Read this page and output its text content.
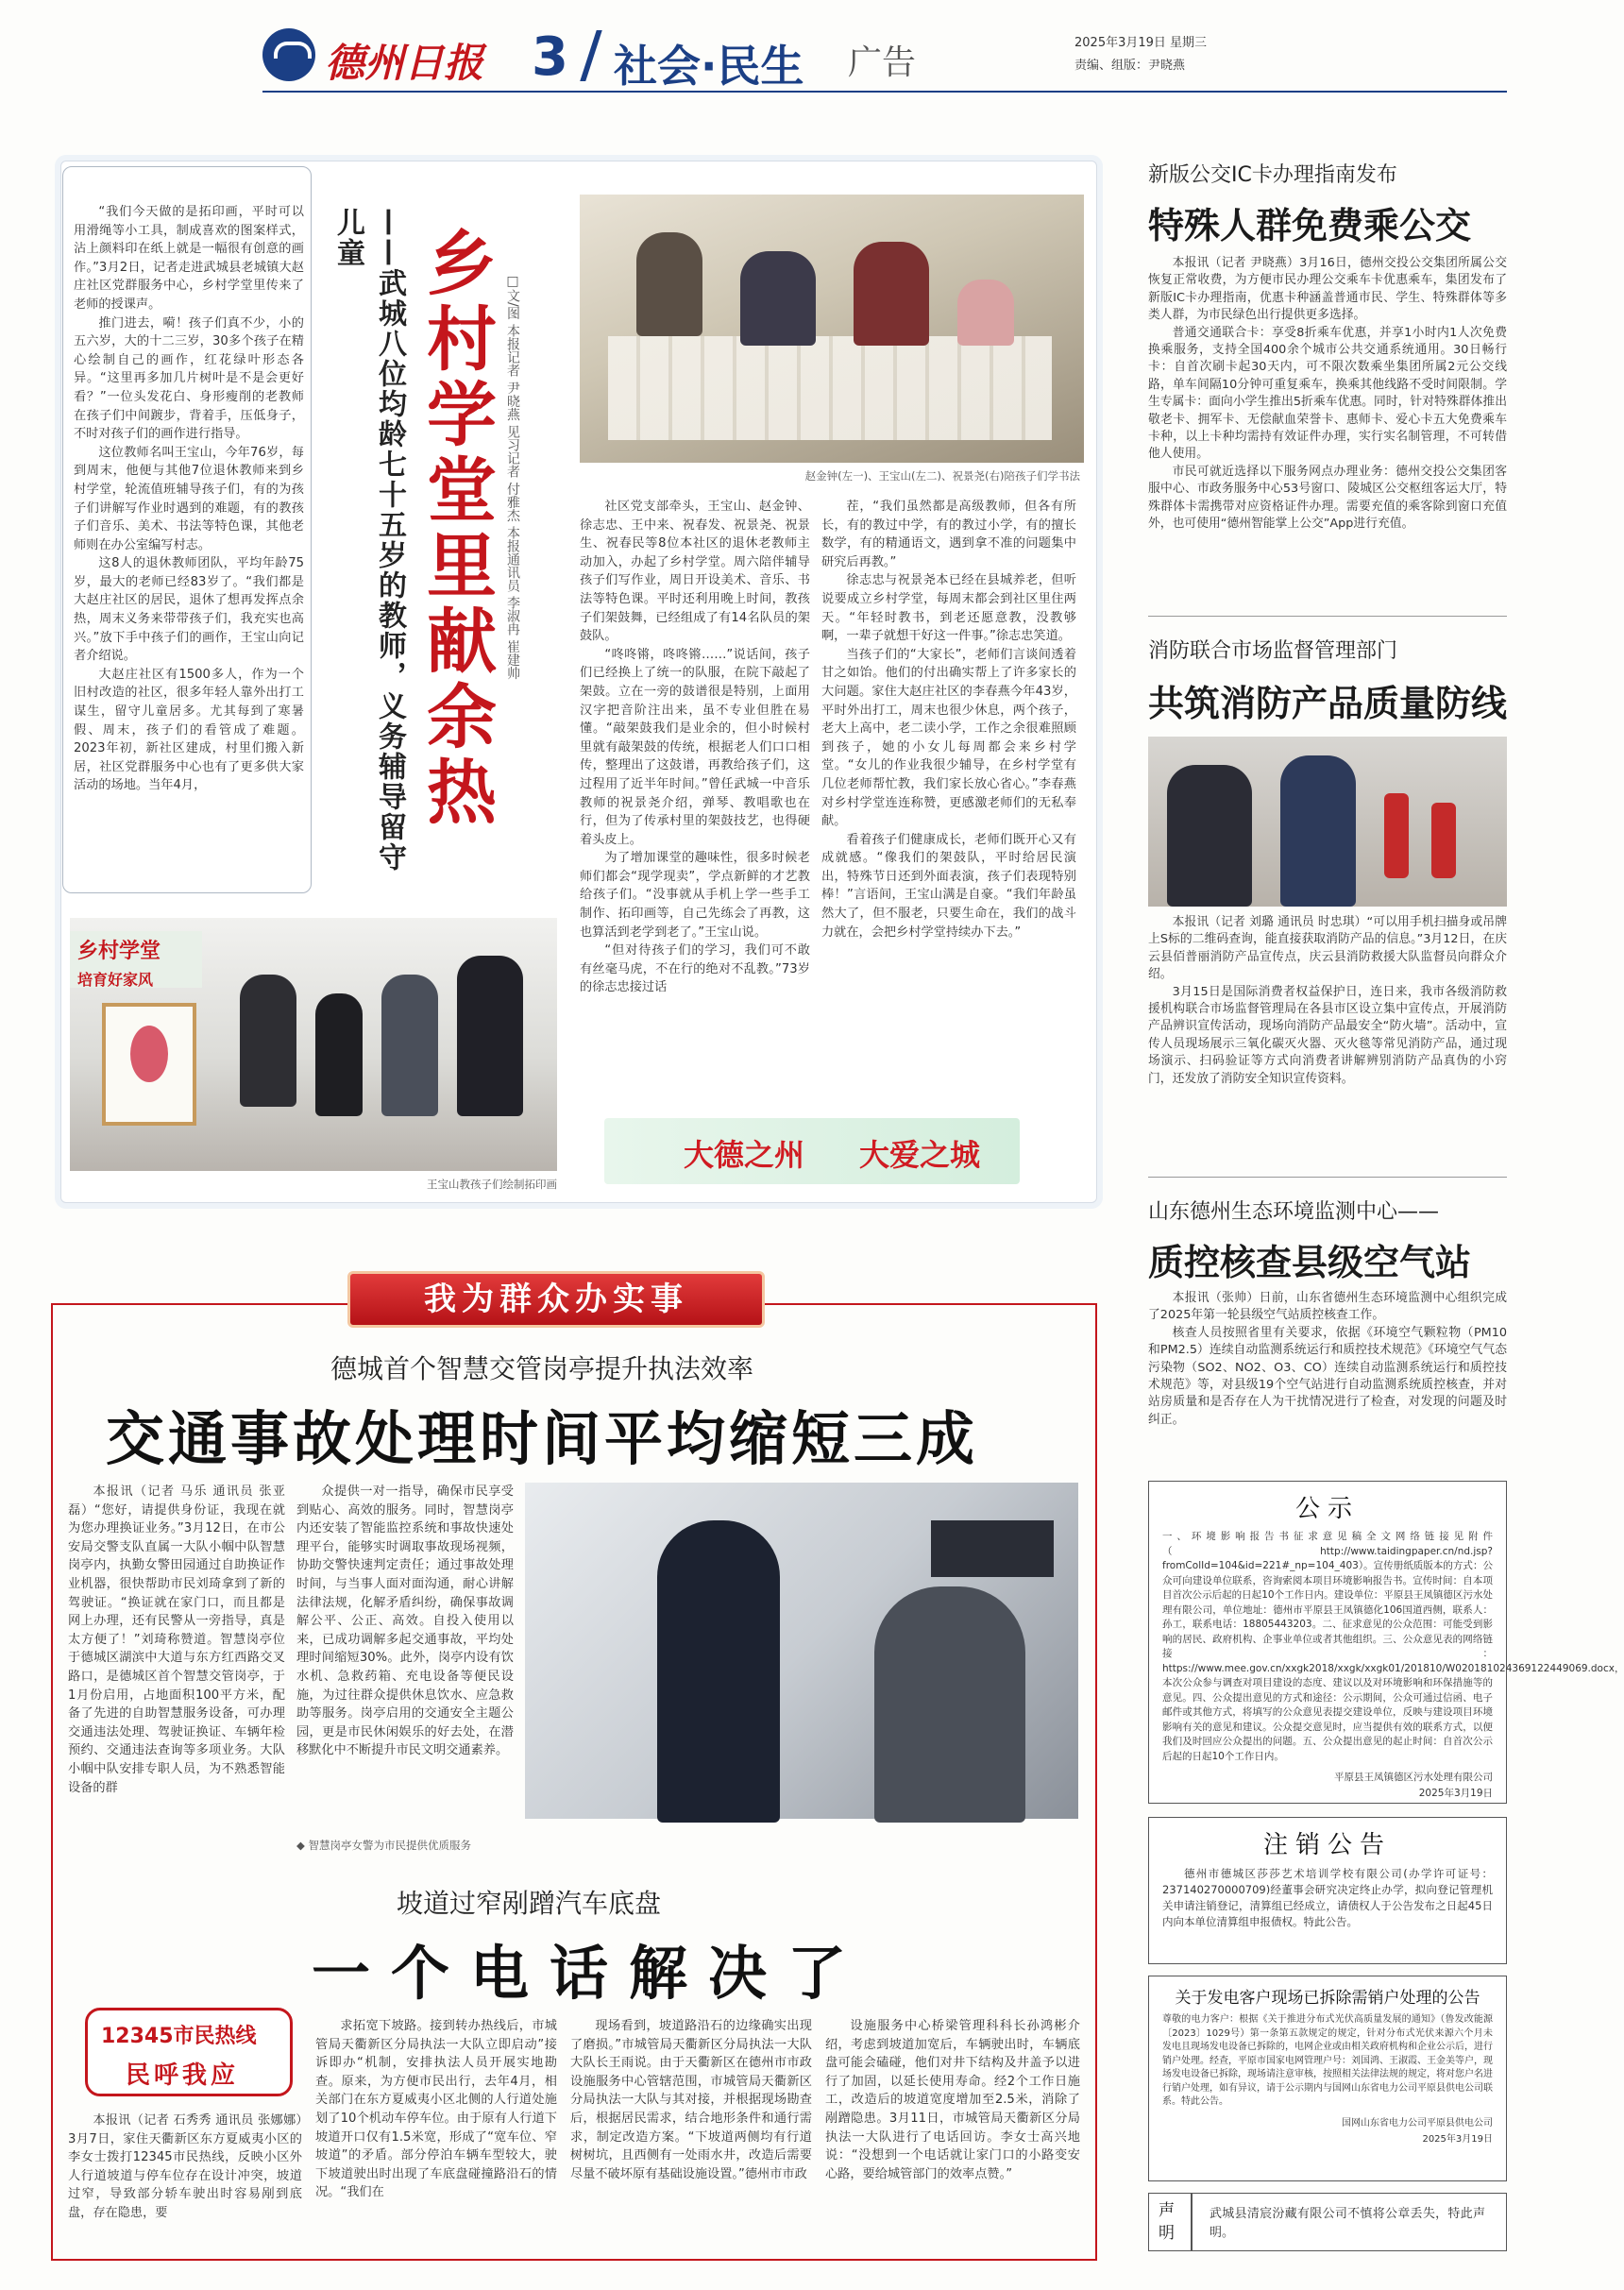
德州日报 3 社会·民生 广告
2025年3月19日 星期三
责编、组版：尹晓燕

“我们今天做的是拓印画，平时可以用滑绳等小工具，制成喜欢的图案样式，沾上颜料印在纸上就是一幅很有创意的画作。”3月2日，记者走进武城县老城镇大赵庄社区党群服务中心，乡村学堂里传来了老师的授课声。

推门进去，嗬！孩子们真不少，小的五六岁，大的十二三岁，30多个孩子在精心绘制自己的画作，红花绿叶形态各异。“这里再多加几片树叶是不是会更好看？”一位头发花白、身形瘦削的老教师在孩子们中间踱步，背着手，压低身子，不时对孩子们的画作进行指导。

这位教师名叫王宝山，今年76岁，每到周末，他便与其他7位退休教师来到乡村学堂，轮流值班辅导孩子们，有的为孩子们讲解写作业时遇到的难题，有的教孩子们音乐、美术、书法等特色课，其他老师则在办公室编写村志。

这8人的退休教师团队，平均年龄75岁，最大的老师已经83岁了。“我们都是大赵庄社区的居民，退休了想再发挥点余热，周末义务来带带孩子们，我充实也高兴。”放下手中孩子们的画作，王宝山向记者介绍说。

大赵庄社区有1500多人，作为一个旧村改造的社区，很多年轻人靠外出打工谋生，留守儿童居多。尤其每到了寒暑假、周末，孩子们的看管成了难题。2023年初，新社区建成，村里们搬入新居，社区党群服务中心也有了更多供大家活动的场地。当年4月，	——武城八位均龄七十五岁的教师，义务辅导留守儿童
□文/图 本报记者 尹晓燕 见习记者 付雅杰 本报通讯员 李淑冉 崔建帅
乡村学堂里献余热	赵金钟(左一)、王宝山(左二)、祝景尧(右)陪孩子们学书法

社区党支部牵头，王宝山、赵金钟、徐志忠、王中来、祝春发、祝景尧、祝景生、祝春民等8位本社区的退休老教师主动加入，办起了乡村学堂。周六陪伴辅导孩子们写作业，周日开设美术、音乐、书法等特色课。平时还利用晚上时间，教孩子们架鼓舞，已经组成了有14名队员的架鼓队。

“咚咚锵，咚咚锵……”说话间，孩子们已经换上了统一的队服，在院下敲起了架鼓。立在一旁的鼓谱很是特别，上面用汉字把音阶注出来，虽不专业但胜在易懂。“敲架鼓我们是业余的，但小时候村里就有敲架鼓的传统，根据老人们口口相传，整理出了这鼓谱，再教给孩子们，这过程用了近半年时间。”曾任武城一中音乐教师的祝景尧介绍，弹琴、教唱歌也在行，但为了传承村里的架鼓技艺，也得硬着头皮上。

为了增加课堂的趣味性，很多时候老师们都会“现学现卖”，学点新鲜的才艺教给孩子们。“没事就从手机上学一些手工制作、拓印画等，自己先练会了再教，这也算活到老学到老了。”王宝山说。

“但对待孩子们的学习，我们可不敢有丝毫马虎，不在行的绝对不乱教。”73岁的徐志忠接过话

茬，“我们虽然都是高级教师，但各有所长，有的教过中学，有的教过小学，有的擅长数学，有的精通语文，遇到拿不准的问题集中研究后再教。”

徐志忠与祝景尧本已经在县城养老，但听说要成立乡村学堂，每周末都会到社区里住两天。“年轻时教书，到老还愿意教，没教够啊，一辈子就想干好这一件事。”徐志忠笑道。

当孩子们的“大家长”，老师们言谈间透着甘之如饴。他们的付出确实帮上了许多家长的大问题。家住大赵庄社区的李春燕今年43岁，平时外出打工，周末也很少休息，两个孩子，老大上高中，老二读小学，工作之余很难照顾到孩子，她的小女儿每周都会来乡村学堂。“女儿的作业我很少辅导，在乡村学堂有几位老师帮忙教，我们家长放心省心。”李春燕对乡村学堂连连称赞，更感激老师们的无私奉献。

看着孩子们健康成长，老师们既开心又有成就感。“像我们的架鼓队，平时给居民演出，特殊节日还到外面表演，孩子们表现特别棒！”言语间，王宝山满是自豪。“我们年龄虽然大了，但不服老，只要生命在，我们的战斗力就在，会把乡村学堂持续办下去。”

乡村学堂
培育好家风
王宝山教孩子们绘制拓印画
大德之州 大爱之城
新版公交IC卡办理指南发布
特殊人群免费乘公交

本报讯（记者 尹晓燕）3月16日，德州交投公交集团所属公交恢复正常收费，为方便市民办理公交乘车卡优惠乘车，集团发布了新版IC卡办理指南，优惠卡种涵盖普通市民、学生、特殊群体等多类人群，为市民绿色出行提供更多选择。

普通交通联合卡：享受8折乘车优惠，并享1小时内1人次免费换乘服务，支持全国400余个城市公共交通系统通用。30日畅行卡：自首次刷卡起30天内，可不限次数乘坐集团所属2元公交线路，单车间隔10分钟可重复乘车，换乘其他线路不受时间限制。学生专属卡：面向小学生推出5折乘车优惠。同时，针对特殊群体推出敬老卡、拥军卡、无偿献血荣誉卡、惠师卡、爱心卡五大免费乘车卡种，以上卡种均需持有效证件办理，实行实名制管理，不可转借他人使用。

市民可就近选择以下服务网点办理业务：德州交投公交集团客服中心、市政务服务中心53号窗口、陵城区公交枢纽客运大厅，特殊群体卡需携带对应资格证件办理。需要充值的乘客除到窗口充值外，也可使用“德州智能掌上公交”App进行充值。

消防联合市场监督管理部门
共筑消防产品质量防线

本报讯（记者 刘璐 通讯员 时忠琪）“可以用手机扫描身或吊牌上S标的二维码查询，能直接获取消防产品的信息。”3月12日，在庆云县佰普丽消防产品宣传点，庆云县消防救援大队监督员向群众介绍。

3月15日是国际消费者权益保护日，连日来，我市各级消防救援机构联合市场监督管理局在各县市区设立集中宣传点，开展消防产品辨识宣传活动，现场向消防产品最安全“防火墙”。活动中，宣传人员现场展示三氧化碳灭火器、灭火毯等常见消防产品，通过现场演示、扫码验证等方式向消费者讲解辨别消防产品真伪的小窍门，还发放了消防安全知识宣传资料。

山东德州生态环境监测中心——
质控核查县级空气站

本报讯（张帅）日前，山东省德州生态环境监测中心组织完成了2025年第一轮县级空气站质控核查工作。

核查人员按照省里有关要求，依据《环境空气颗粒物（PM10和PM2.5）连续自动监测系统运行和质控技术规范》《环境空气气态污染物（SO2、NO2、O3、CO）连续自动监测系统运行和质控技术规范》等，对县级19个空气站进行自动监测系统质控核查，并对站房质量和是否存在人为干扰情况进行了检查，对发现的问题及时纠正。

公示
一、环境影响报告书征求意见稿全文网络链接见附件（http://www.taidingpaper.cn/nd.jsp?fromColId=104&id=221#_np=104_403）。宣传册纸质版本的方式：公众可向建设单位联系，咨询索阅本项目环境影响报告书。宣传时间：自本项目首次公示后起的日起10个工作日内。建设单位：平原县王凤镇德区污水处理有限公司，单位地址：德州市平原县王凤镇德化106国道西侧，联系人：孙工，联系电话：18805443203。二、征求意见的公众范围：可能受到影响的居民、政府机构、企事业单位或者其他组织。三、公众意见表的网络链接：https://www.mee.gov.cn/xxgk2018/xxgk/xxgk01/201810/W020181024369122449069.docx，本次公众参与调查对项目建设的态度、建议以及对环境影响和环保措施等的意见。四、公众提出意见的方式和途径：公示期间，公众可通过信函、电子邮件或其他方式，将填写的公众意见表提交建设单位，反映与建设项目环境影响有关的意见和建议。公众提交意见时，应当提供有效的联系方式，以便我们及时回应公众提出的问题。五、公众提出意见的起止时间：自首次公示后起的日起10个工作日内。
平原县王凤镇德区污水处理有限公司
2025年3月19日
注销公告
德州市德城区莎莎艺术培训学校有限公司(办学许可证号：237140270000709)经董事会研究决定终止办学，拟向登记管理机关申请注销登记，清算组已经成立，请债权人于公告发布之日起45日内向本单位清算组申报债权。特此公告。
关于发电客户现场已拆除需销户处理的公告
尊敬的电力客户：根据《关于推进分布式光伏高质量发展的通知》（鲁发改能源〔2023〕1029号）第一条第五款规定的规定，针对分布式光伏来源六个月未发电且现场发电设备已拆除的，电网企业或由相关政府机构和企业公示后，进行销户处理。经查，平原市国家电网管理户号：刘国鸿、王淑霞、王金美等户，现场发电设备已拆除，现场请注意审核，按照相关法律法规的规定，将对您户名进行销户处理，如有异议，请于公示期内与国网山东省电力公司平原县供电公司联系。特此公告。
国网山东省电力公司平原县供电公司
2025年3月19日
声明
武城县清宸汾藏有限公司不慎将公章丢失，特此声明。
我为群众办实事
德城首个智慧交管岗亭提升执法效率
交通事故处理时间平均缩短三成
本报讯（记者 马乐 通讯员 张亚磊）“您好，请提供身份证，我现在就为您办理换证业务。”3月12日，在市公安局交警支队直属一大队小帼中队智慧岗亭内，执勤女警田园通过自助换证作业机器，很快帮助市民刘琦拿到了新的驾驶证。“换证就在家门口，而且都是网上办理，还有民警从一旁指导，真是太方便了！”刘琦称赞道。智慧岗亭位于德城区湖滨中大道与东方红西路交叉路口，是德城区首个智慧交管岗亭，于1月份启用，占地面积100平方米，配备了先进的自助智慧服务设备，可办理交通违法处理、驾驶证换证、车辆年检预约、交通违法查询等多项业务。大队小帼中队安排专职人员，为不熟悉智能设备的群
众提供一对一指导，确保市民享受到贴心、高效的服务。同时，智慧岗亭内还安装了智能监控系统和事故快速处理平台，能够实时调取事故现场视频，协助交警快速判定责任；通过事故处理时间，与当事人面对面沟通，耐心讲解法律法规，化解矛盾纠纷，确保事故调解公平、公正、高效。自投入使用以来，已成功调解多起交通事故，平均处理时间缩短30%。此外，岗亭内设有饮水机、急救药箱、充电设备等便民设施，为过往群众提供休息饮水、应急救助等服务。岗亭启用的交通安全主题公园，更是市民休闲娱乐的好去处，在潜移默化中不断提升市民文明交通素养。
◆ 智慧岗亭女警为市民提供优质服务
坡道过窄剐蹭汽车底盘
一个电话解决了
12345市民热线
民呼我应
本报讯（记者 石秀秀 通讯员 张娜娜）3月7日，家住天衢新区东方夏威夷小区的李女士拨打12345市民热线，反映小区外人行道坡道与停车位存在设计冲突，坡道过窄，导致部分轿车驶出时容易剐到底盘，存在隐患，要
求拓宽下坡路。接到转办热线后，市城管局天衢新区分局执法一大队立即启动”接诉即办“机制，安排执法人员开展实地勘查。原来，为方便市民出行，去年4月，相关部门在东方夏威夷小区北侧的人行道处施划了10个机动车停车位。由于原有人行道下坡道开口仅有1.5米宽，形成了“宽车位、窄坡道”的矛盾。部分停泊车辆车型较大，驶下坡道驶出时出现了车底盘碰撞路沿石的情况。“我们在
现场看到，坡道路沿石的边缘确实出现了磨损。”市城管局天衢新区分局执法一大队大队长王雨说。由于天衢新区在德州市市政设施服务中心管辖范围，市城管局天衢新区分局执法一大队与其对接，并根据现场勘查后，根据居民需求，结合地形条件和通行需求，制定改造方案。“下坡道两侧均有行道树树坑，且西侧有一处雨水井，改造后需要尽量不破坏原有基础设施设置。”德州市市政
设施服务中心桥梁管理科科长孙鸿彬介绍，考虑到坡道加宽后，车辆驶出时，车辆底盘可能会磕碰，他们对井下结构及井盖予以进行了加固，以延长使用寿命。经2个工作日施工，改造后的坡道宽度增加至2.5米，消除了剐蹭隐患。3月11日，市城管局天衢新区分局执法一大队进行了电话回访。李女士高兴地说：“没想到一个电话就让家门口的小路变安心路，要给城管部门的效率点赞。”
